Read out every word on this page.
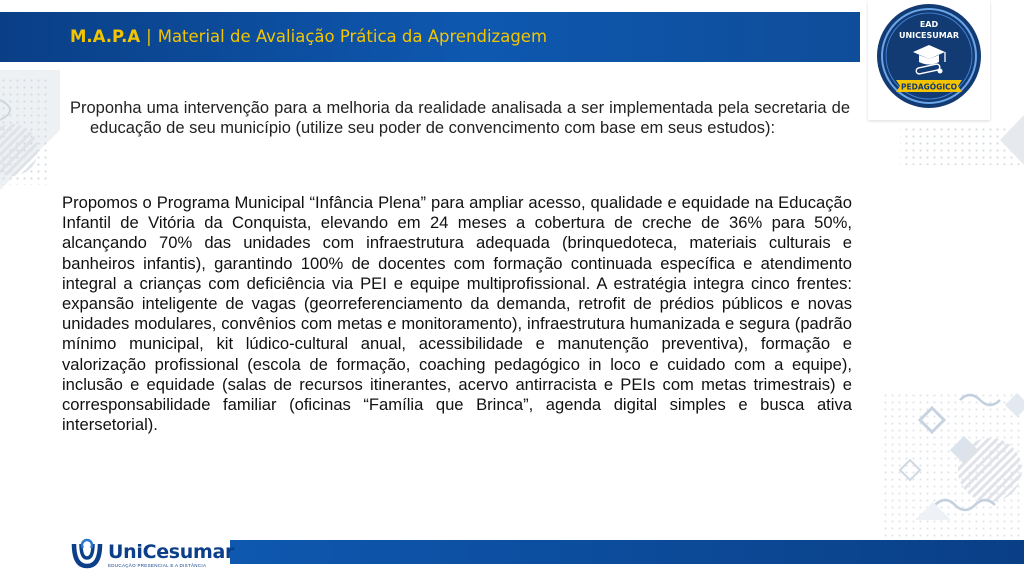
M.A.P.A | Material de Avaliação Prática da Aprendizagem
EAD
UNICESUMAR
PEDAGÓGICO

Proponha uma intervenção para a melhoria da realidade analisada a ser implementada pela secretaria de educação de seu município (utilize seu poder de convencimento com base em seus estudos):

Propomos o Programa Municipal “Infância Plena” para ampliar acesso, qualidade e equidade na Educação Infantil de Vitória da Conquista, elevando em 24 meses a cobertura de creche de 36% para 50%, alcançando 70% das unidades com infraestrutura adequada (brinquedoteca, materiais culturais e banheiros infantis), garantindo 100% de docentes com formação continuada específica e atendimento integral a crianças com deficiência via PEI e equipe multiprofissional. A estratégia integra cinco frentes: expansão inteligente de vagas (georreferenciamento da demanda, retrofit de prédios públicos e novas unidades modulares, convênios com metas e monitoramento), infraestrutura humanizada e segura (padrão mínimo municipal, kit lúdico-cultural anual, acessibilidade e manutenção preventiva), formação e valorização profissional (escola de formação, coaching pedagógico in loco e cuidado com a equipe), inclusão e equidade (salas de recursos itinerantes, acervo antirracista e PEIs com metas trimestrais) e corresponsabilidade familiar (oficinas “Família que Brinca”, agenda digital simples e busca ativa intersetorial).

UniCesumar
EDUCAÇÃO PRESENCIAL E A DISTÂNCIA
